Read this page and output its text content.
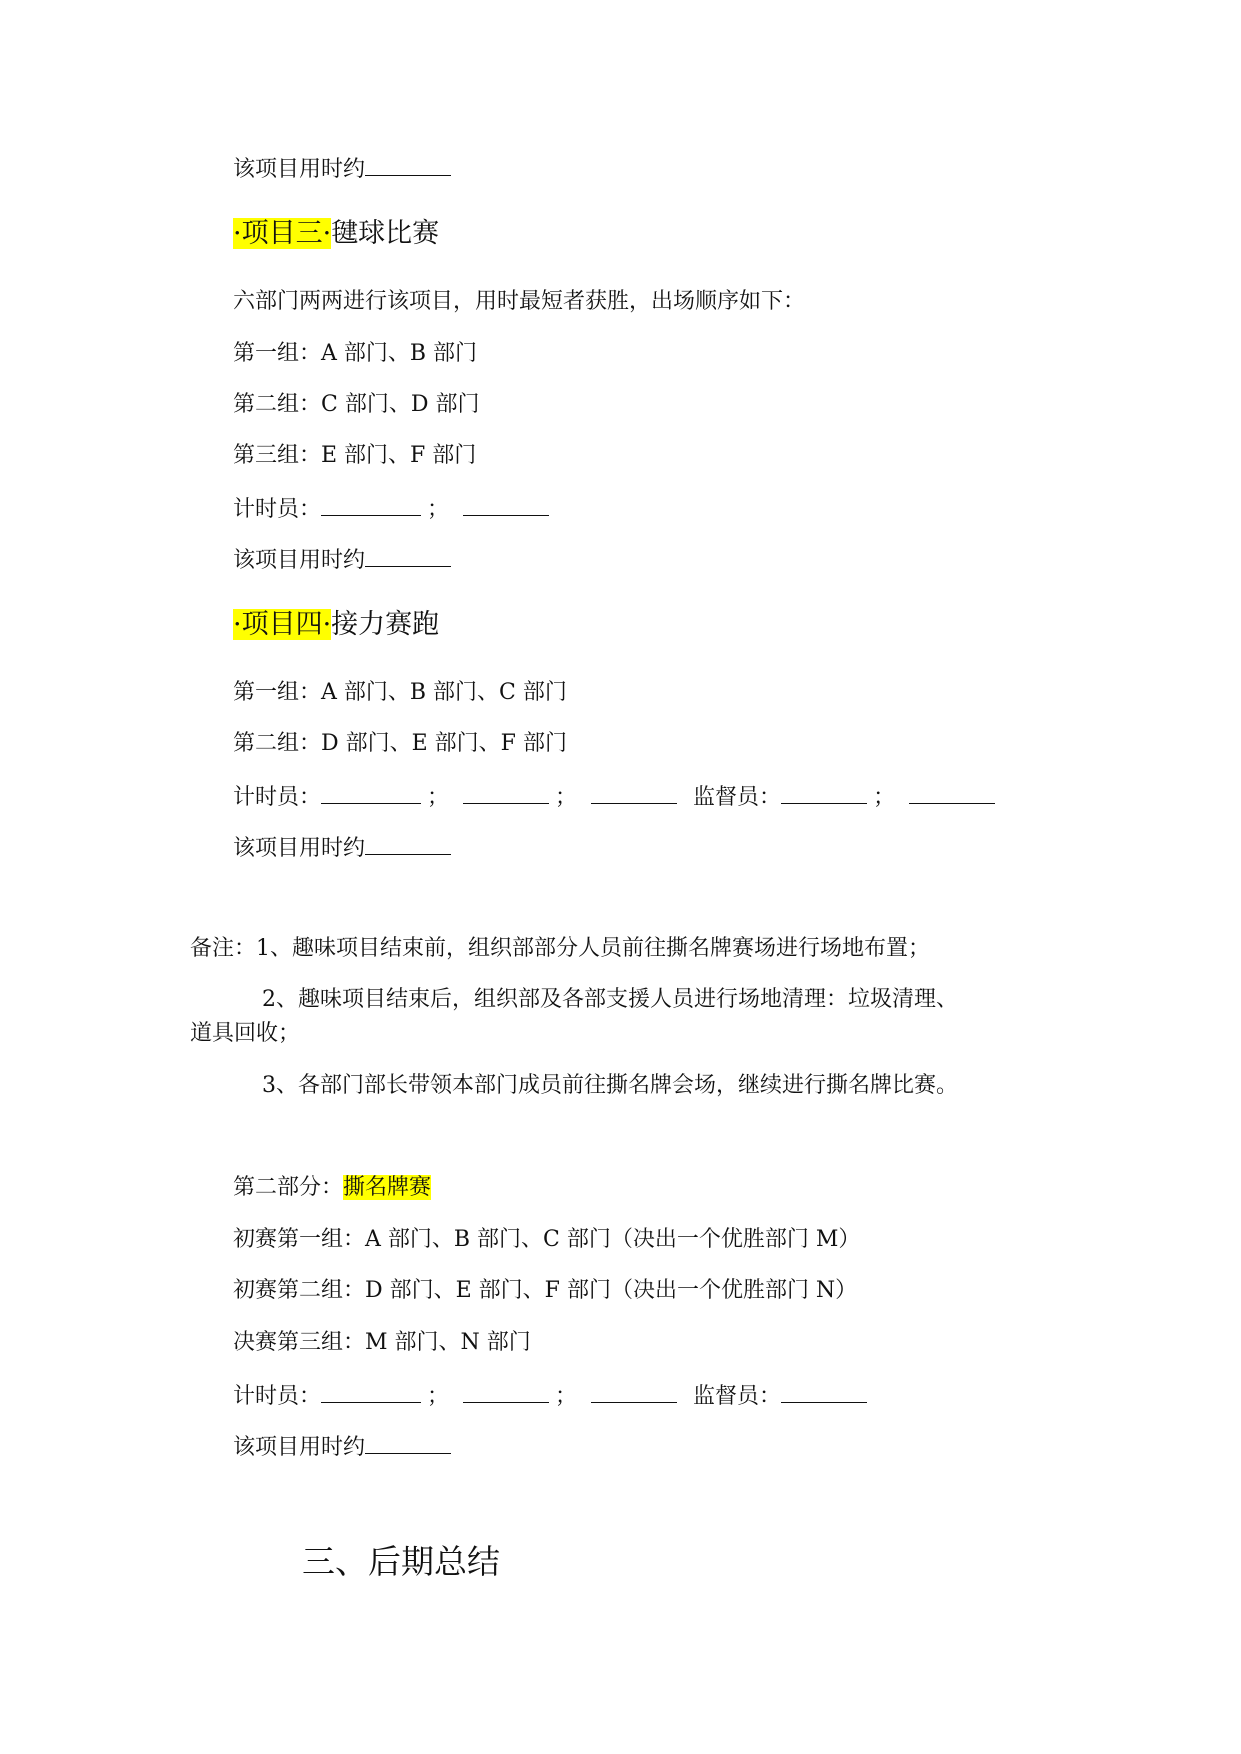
该项目用时约
·项目三·毽球比赛
六部门两两进行该项目，用时最短者获胜，出场顺序如下：
第一组：A 部门、B 部门
第二组：C 部门、D 部门
第三组：E 部门、F 部门
计时员：	；
该项目用时约
·项目四·接力赛跑
第一组：A 部门、B 部门、C 部门
第二组：D 部门、E 部门、F 部门
计时员：	；	；	监督员：	；
该项目用时约
备注：1、趣味项目结束前，组织部部分人员前往撕名牌赛场进行场地布置；
2、趣味项目结束后，组织部及各部支援人员进行场地清理：垃圾清理、
道具回收；
3、各部门部长带领本部门成员前往撕名牌会场，继续进行撕名牌比赛。
第二部分：撕名牌赛
初赛第一组：A 部门、B 部门、C 部门（决出一个优胜部门 M）
初赛第二组：D 部门、E 部门、F 部门（决出一个优胜部门 N）
决赛第三组：M 部门、N 部门
计时员：	；	；	监督员：
该项目用时约
三、后期总结
